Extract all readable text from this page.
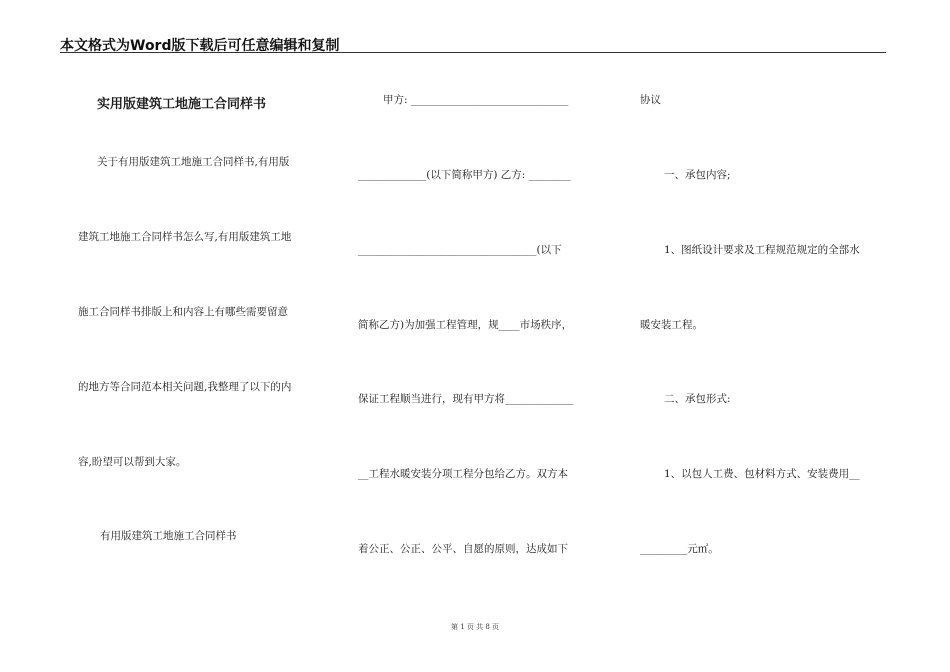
本文格式为Word版下载后可任意编辑和复制
实用版建筑工地施工合同样书
关于有用版建筑工地施工合同样书,有用版
建筑工地施工合同样书怎么写,有用版建筑工地
施工合同样书排版上和内容上有哪些需要留意
的地方等合同范本相关问题,我整理了以下的内
容,盼望可以帮到大家。
有用版建筑工地施工合同样书
甲方: ______________________________
_____________(以下简称甲方) 乙方: ________
__________________________________(以下
简称乙方)为加强工程管理，规____市场秩序，
保证工程顺当进行，现有甲方将_____________
__工程水暖安装分项工程分包给乙方。双方本
着公正、公正、公平、自愿的原则，达成如下
协议
一、承包内容;
1、图纸设计要求及工程规范规定的全部水
暖安装工程。
二、承包形式:
1、以包人工费、包材料方式、安装费用__
_________元㎡。
第 1 页 共 8 页
